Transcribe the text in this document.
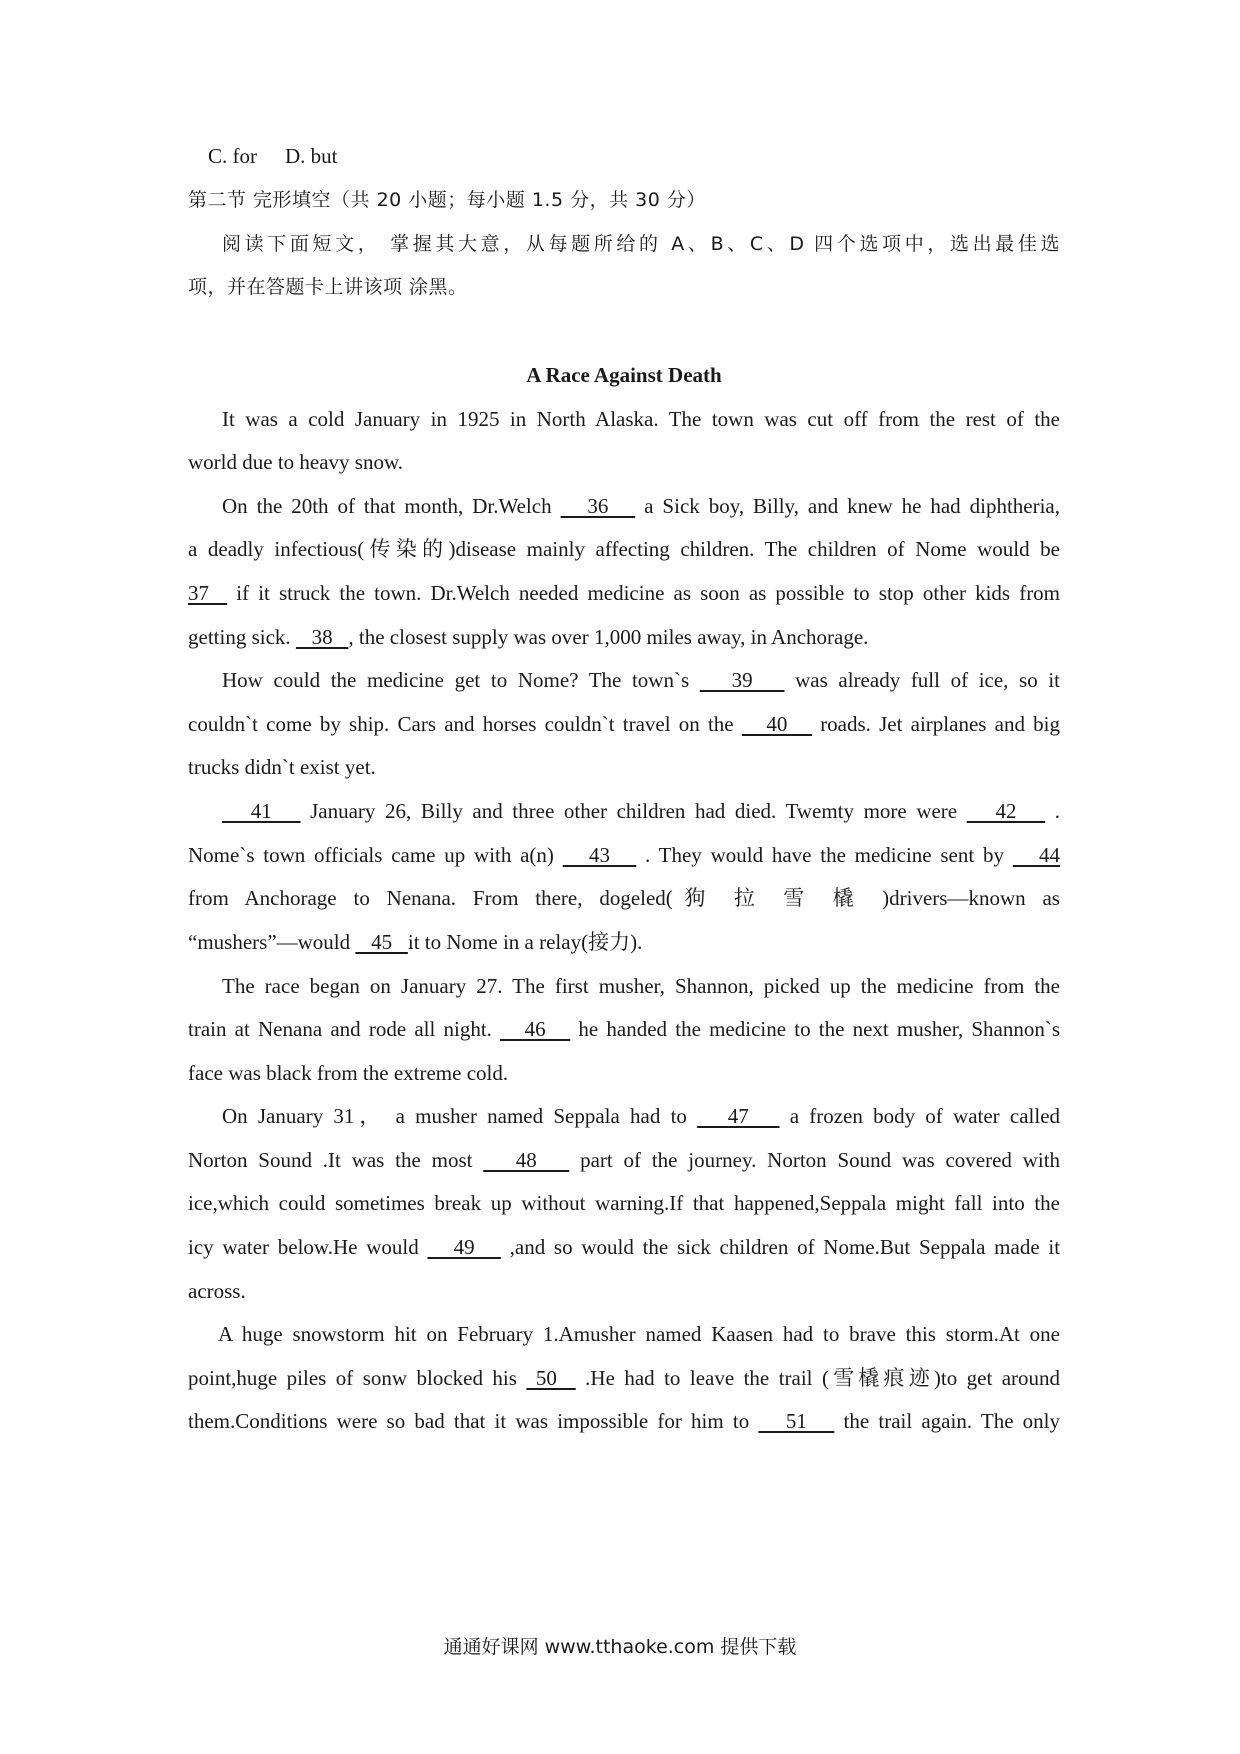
C. for D. but
第二节 完形填空（共 20 小题；每小题 1.5 分，共 30 分）
阅读下面短文， 掌握其大意，从每题所给的 A、B、C、D 四个选项中，选出最佳选
项，并在答题卡上讲该项 涂黑。
A Race Against Death
It was a cold January in 1925 in North Alaska. The town was cut off from the rest of the
world due to heavy snow.
On the 20th of that month, Dr.Welch    36    a Sick boy, Billy, and knew he had diphtheria,
a deadly infectious(传染的)disease mainly affecting children. The children of Nome would be
37   if it struck the town. Dr.Welch needed medicine as soon as possible to stop other kids from
getting sick.    38   , the closest supply was over 1,000 miles away, in Anchorage.
How could the medicine get to Nome? The town`s    39    was already full of ice, so it
couldn`t come by ship. Cars and horses couldn`t travel on the    40    roads. Jet airplanes and big
trucks didn`t exist yet.
41    January 26, Billy and three other children had died. Twemty more were    42    .
Nome`s town officials came up with a(n)    43    . They would have the medicine sent by    44
from Anchorage to Nenana. From there, dogeled(狗 拉 雪 橇 )drivers—known as
“mushers”—would    45   it to Nome in a relay(接力).
The race began on January 27. The first musher, Shannon, picked up the medicine from the
train at Nenana and rode all night.    46    he handed the medicine to the next musher, Shannon`s
face was black from the extreme cold.
On January 31， a musher named Seppala had to    47    a frozen body of water called
Norton Sound .It was the most    48    part of the journey. Norton Sound was covered with
ice,which could sometimes break up without warning.If that happened,Seppala might fall into the
icy water below.He would    49    ,and so would the sick children of Nome.But Seppala made it
across.
A huge snowstorm hit on February 1.Amusher named Kaasen had to brave this storm.At one
point,huge piles of sonw blocked his  50   .He had to leave the trail (雪橇痕迹)to get around
them.Conditions were so bad that it was impossible for him to    51    the trail again. The only
通通好课网 www.tthaoke.com 提供下载
